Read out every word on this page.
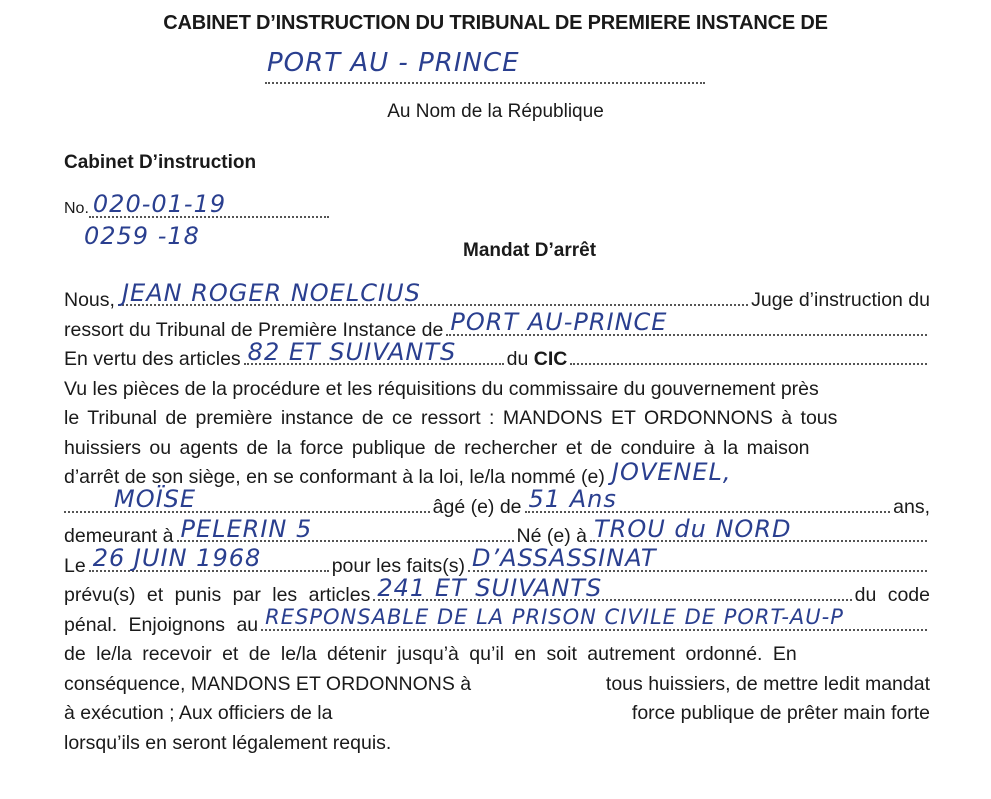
CABINET D’INSTRUCTION DU TRIBUNAL DE PREMIERE INSTANCE DE
PORT AU - PRINCE
Au Nom de la République
Cabinet D’instruction
No. 020-01-19
0259 -18
Mandat D’arrêt
Nous, JEAN ROGER NOELCIUS	Juge d’instruction du
ressort du Tribunal de Première Instance de PORT AU-PRINCE
En vertu des articles 82 ET SUIVANTS	du
CIC
Vu les pièces de la procédure et les réquisitions du commissaire du gouvernement près
le Tribunal de première instance de ce ressort : MANDONS ET ORDONNONS à tous
huissiers ou agents de la force publique de rechercher et de conduire à la maison
d’arrêt de son siège, en se conformant à la loi, le/la nommé (e) JOVENEL,
MOÏSE	âgé (e) de 51 Ans	ans,
demeurant à PELERIN 5	Né (e) à TROU du NORD
Le 26 JUIN 1968	pour les faits(s) D’ASSASSINAT
prévu(s) et punis par les articles 241 ET SUIVANTS	du code
pénal. Enjoignons au RESPONSABLE DE LA PRISON CIVILE DE PORT-AU-P
de le/la recevoir et de le/la détenir jusqu’à qu’il en soit autrement ordonné. En
conséquence, MANDONS ET ORDONNONS à	tous huissiers, de mettre ledit mandat
à exécution ; Aux officiers de la	force publique de prêter main forte
lorsqu’ils en seront légalement requis.
